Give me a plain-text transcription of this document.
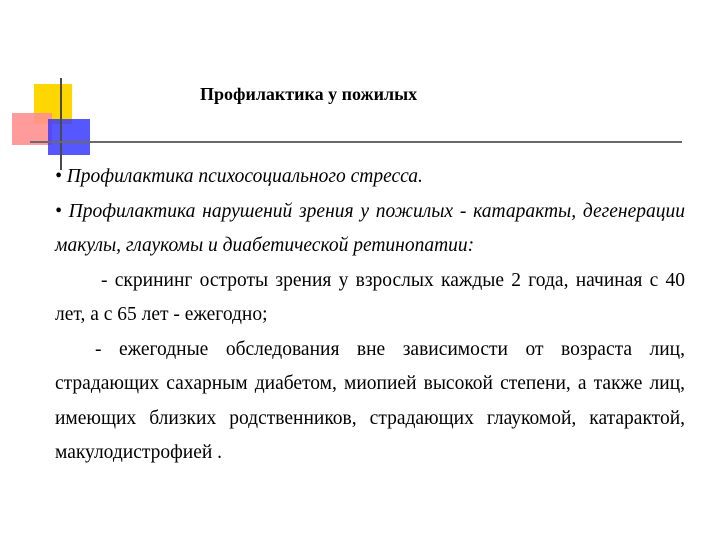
Профилактика у пожилых

• Профилактика психосоциального стресса.

• Профилактика нарушений зрения у пожилых - катаракты, дегенерации макулы, глаукомы и диабетической ретинопатии:

- скрининг остроты зрения у взрослых каждые 2 года, начиная с 40 лет, а с 65 лет - ежегодно;

- ежегодные обследования вне зависимости от возраста лиц, страдающих сахарным диабетом, миопией высокой степени, а также лиц, имеющих близких родственников, страдающих глаукомой, катарактой, макулодистрофией .
